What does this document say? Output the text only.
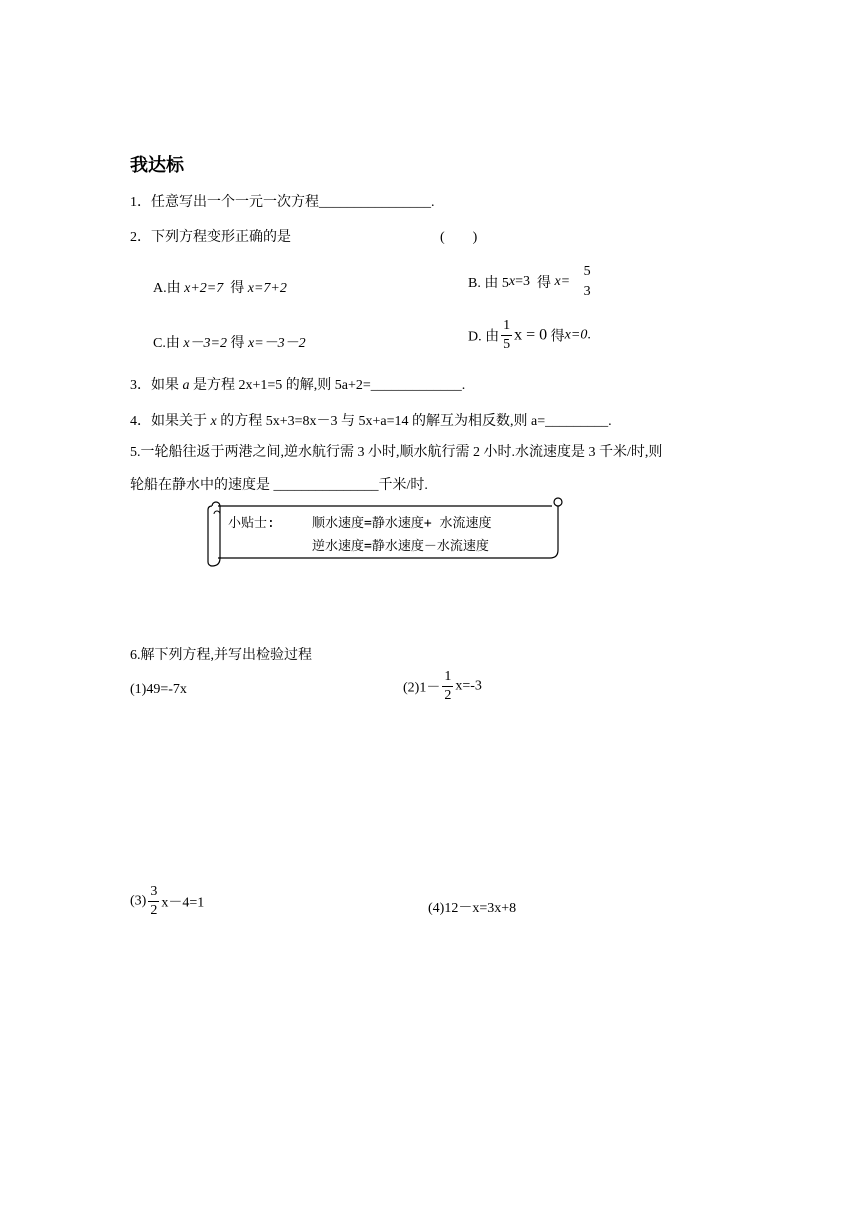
我达标
1．任意写出一个一元一次方程________________.
2．下列方程变形正确的是	(　　)
A.由 x+2=7 得 x=7+2	B. 由 5x=3 得 x=
5
3
C.由 x－3=2 得 x=－3－2	D. 由 $\frac{1}{5}$ x = 0 得x=0.
3．如果 a 是方程 2x+1=5 的解,则 5a+2=_____________.
4．如果关于 x 的方程 5x+3=8x－3 与 5x+a=14 的解互为相反数,则 a=_________.
5.一轮船往返于两港之间,逆水航行需 3 小时,顺水航行需 2 小时.水流速度是 3 千米/时,则
轮船在静水中的速度是 _______________千米/时.
小贴士:	顺水速度=静水速度+ 水流速度
逆水速度=静水速度－水流速度
6.解下列方程,并写出检验过程
(1)49=-7x	$(2)1- \frac{1}{2} x=-3$
$(3) \frac{3}{2} x-4=1$	(4)12－x=3x+8
